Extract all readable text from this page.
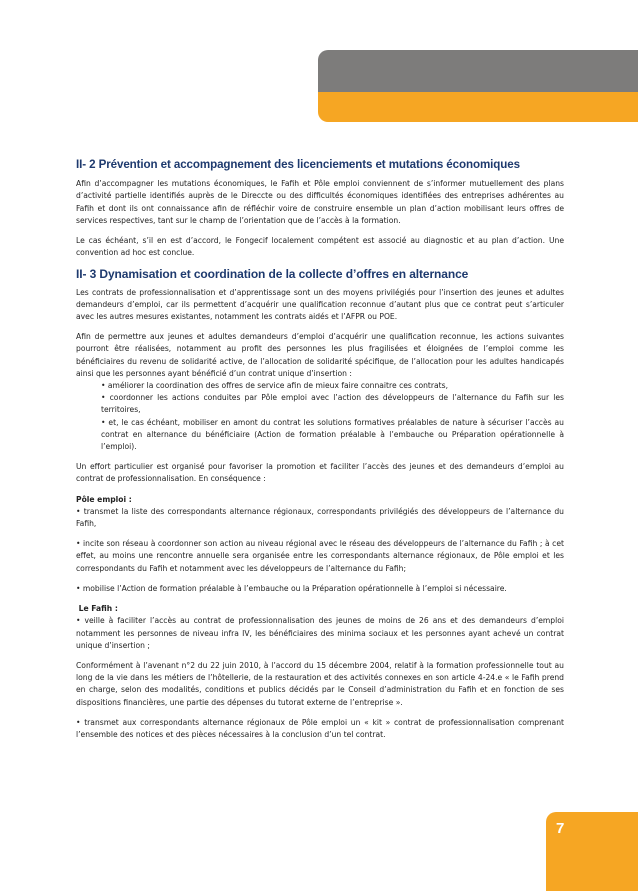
II- 2 Prévention et accompagnement des licenciements et mutations économiques

Afin d’accompagner les mutations économiques, le Fafih et Pôle emploi conviennent de s’informer mutuellement des plans d’activité partielle identifiés auprès de le Direccte ou des difficultés économiques identifiées des entreprises adhérentes au Fafih et dont ils ont connaissance afin de réfléchir voire de construire ensemble un plan d’action mobilisant leurs offres de services respectives, tant sur le champ de l’orientation que de l’accès à la formation.

Le cas échéant, s’il en est d’accord, le Fongecif localement compétent est associé au diagnostic et au plan d’action. Une convention ad hoc est conclue.

II- 3 Dynamisation et coordination de la collecte d’offres en alternance

Les contrats de professionnalisation et d’apprentissage sont un des moyens privilégiés pour l’insertion des jeunes et adultes demandeurs d’emploi, car ils permettent d’acquérir une qualification reconnue d’autant plus que ce contrat peut s’articuler avec les autres mesures existantes, notamment les contrats aidés et l’AFPR ou POE.

Afin de permettre aux jeunes et adultes demandeurs d’emploi d’acquérir une qualification reconnue, les actions suivantes pourront être réalisées, notamment au profit des personnes les plus fragilisées et éloignées de l’emploi comme les bénéficiaires du revenu de solidarité active, de l’allocation de solidarité spécifique, de l’allocation pour les adultes handicapés ainsi que les personnes ayant bénéficié d’un contrat unique d’insertion :

• améliorer la coordination des offres de service afin de mieux faire connaitre ces contrats,
• coordonner les actions conduites par Pôle emploi avec l’action des développeurs de l’alternance du Fafih sur les territoires,
• et, le cas échéant, mobiliser en amont du contrat les solutions formatives préalables de nature à sécuriser l’accès au contrat en alternance du bénéficiaire (Action de formation préalable à l’embauche ou Préparation opérationnelle à l’emploi).

Un effort particulier est organisé pour favoriser la promotion et faciliter l’accès des jeunes et des demandeurs d’emploi au contrat de professionnalisation. En conséquence :

Pôle emploi :

• transmet la liste des correspondants alternance régionaux, correspondants privilégiés des développeurs de l’alternance du Fafih,

• incite son réseau à coordonner son action au niveau régional avec le réseau des développeurs de l’alternance du Fafih ; à cet effet, au moins une rencontre annuelle sera organisée entre les correspondants alternance régionaux, de Pôle emploi et les correspondants du Fafih et notamment avec les développeurs de l’alternance du Fafih;

• mobilise l’Action de formation préalable à l’embauche ou la Préparation opérationnelle à l’emploi si nécessaire.

Le Fafih :

• veille à faciliter l’accès au contrat de professionnalisation des jeunes de moins de 26 ans et des demandeurs d’emploi notamment les personnes de niveau infra IV, les bénéficiaires des minima sociaux et les personnes ayant achevé un contrat unique d’insertion ;

Conformément à l’avenant n°2 du 22 juin 2010, à l’accord du 15 décembre 2004, relatif à la formation professionnelle tout au long de la vie dans les métiers de l’hôtellerie, de la restauration et des activités connexes en son article 4-24.e « le Fafih prend en charge, selon des modalités, conditions et publics décidés par le Conseil d’administration du Fafih et en fonction de ses dispositions financières, une partie des dépenses du tutorat externe de l’entreprise ».

• transmet aux correspondants alternance régionaux de Pôle emploi un « kit » contrat de professionnalisation comprenant l’ensemble des notices et des pièces nécessaires à la conclusion d’un tel contrat.

7
